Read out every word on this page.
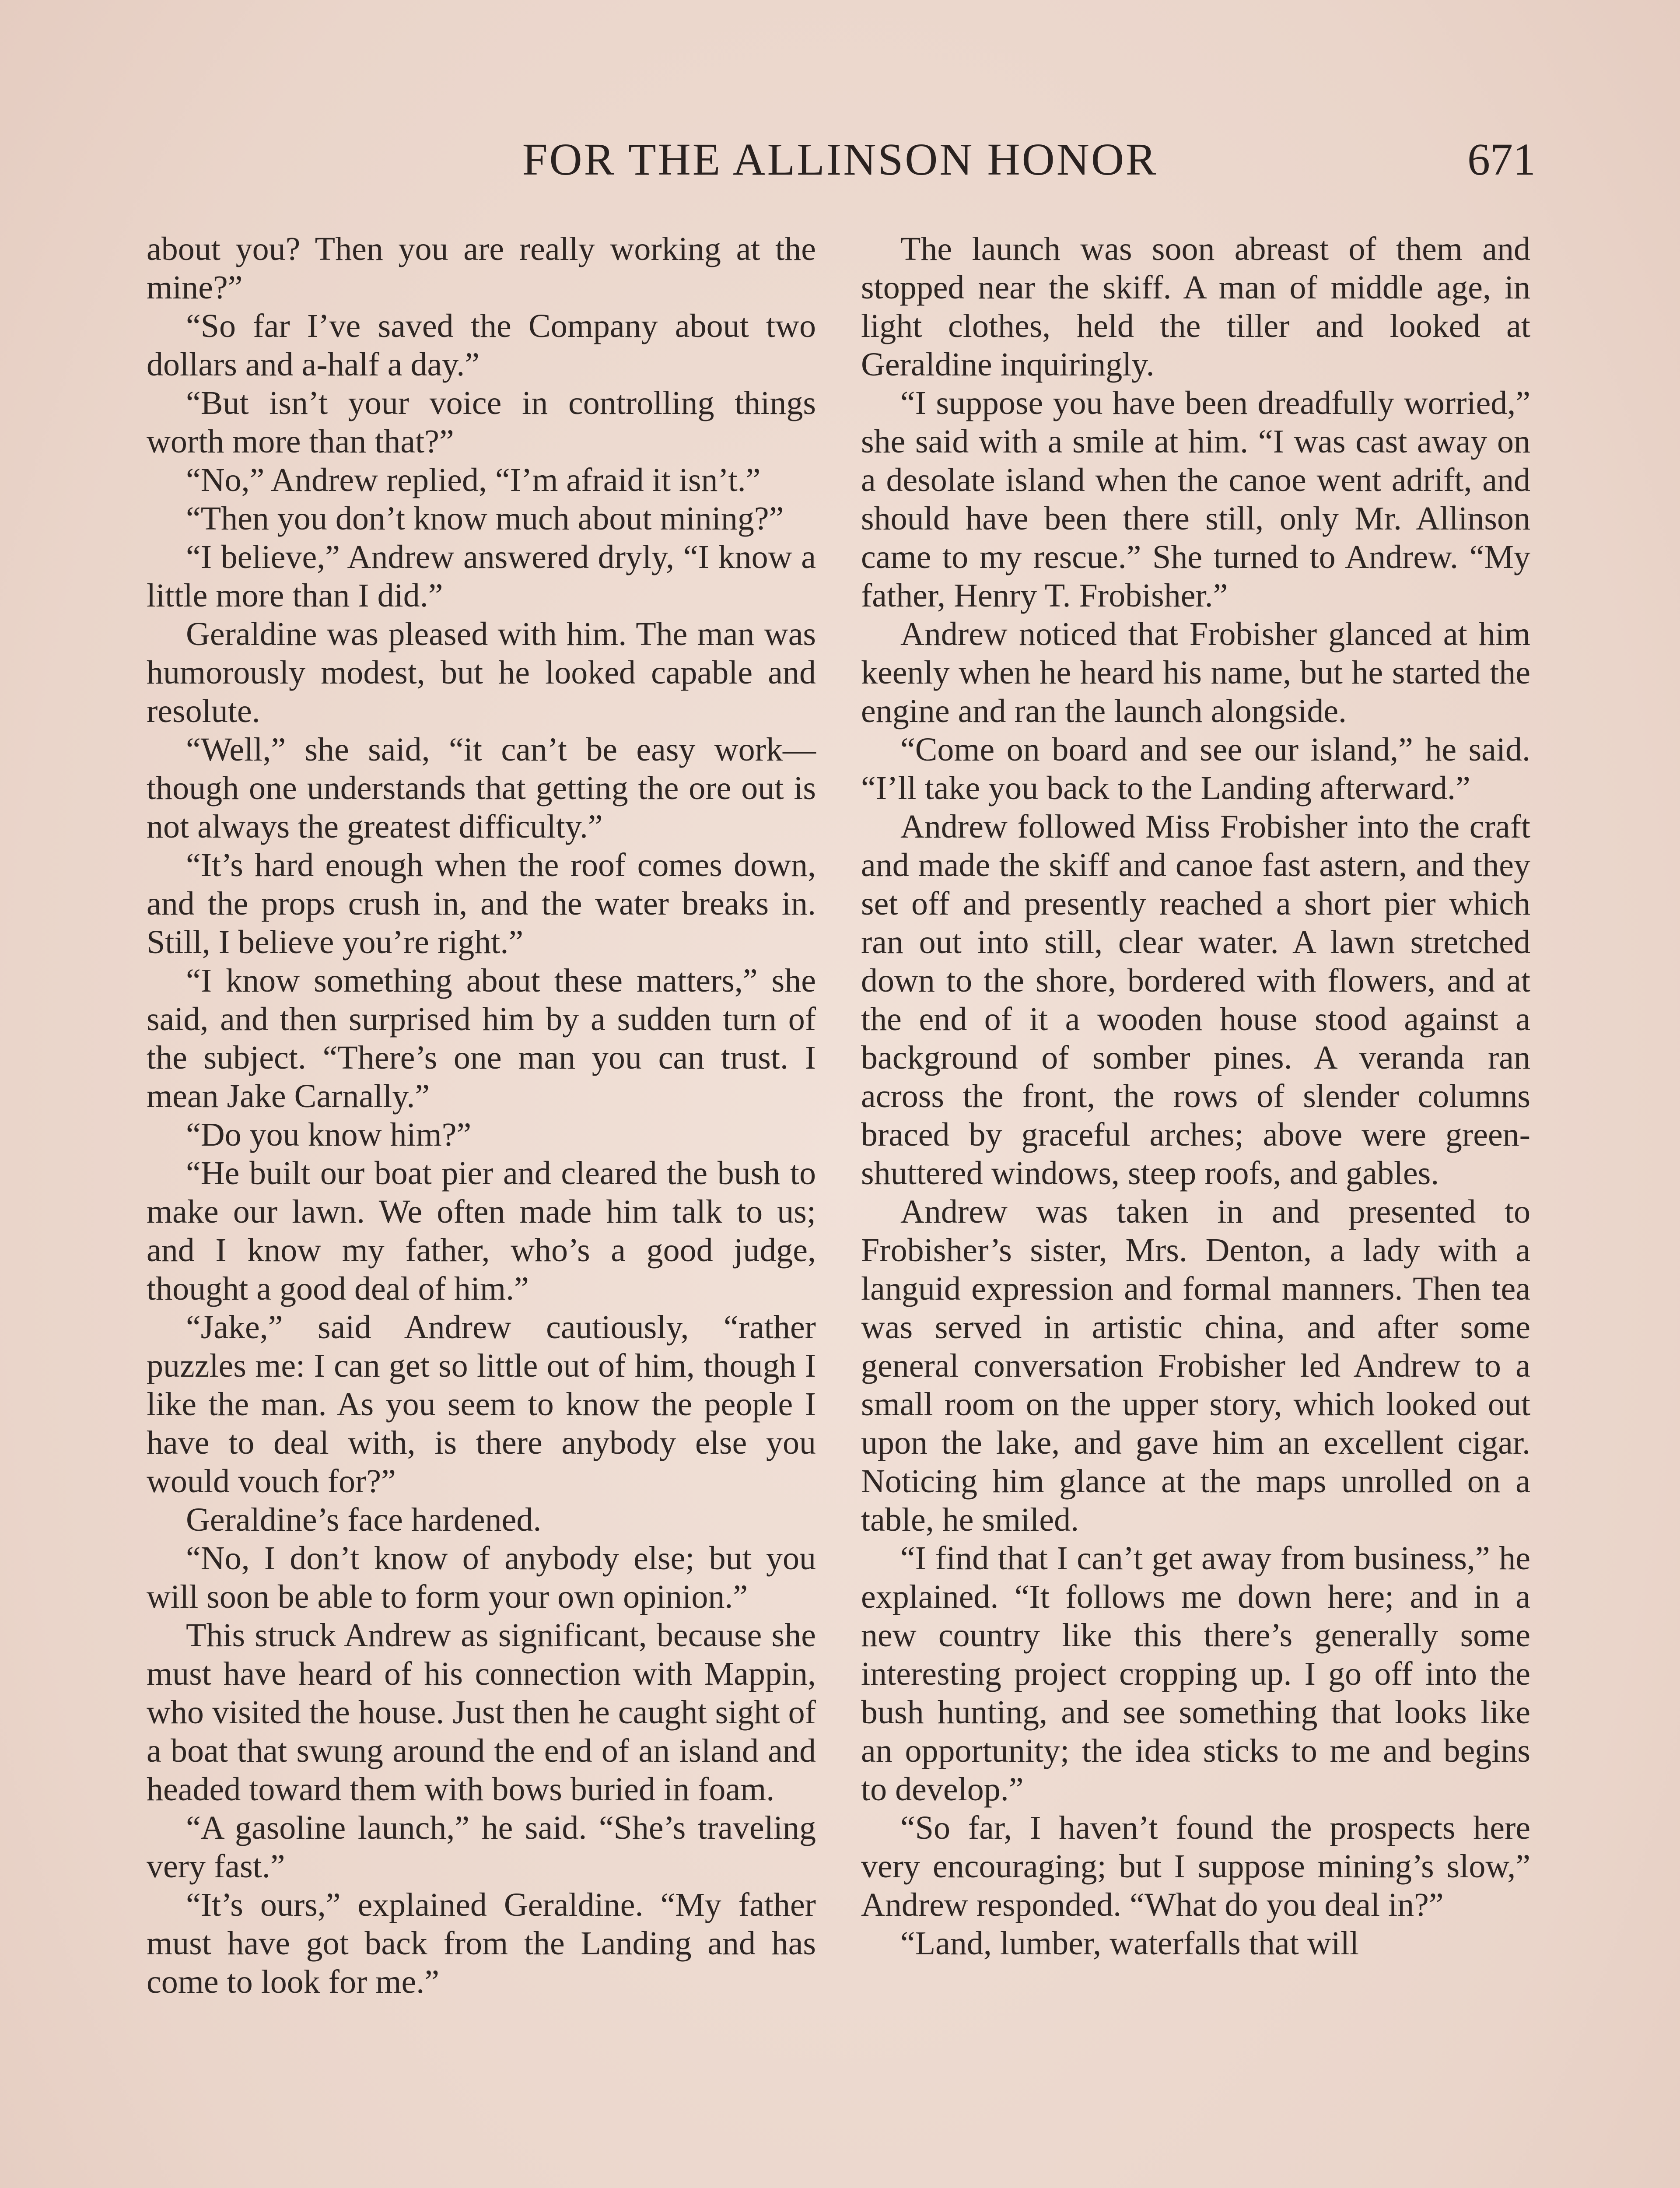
FOR THE ALLINSON HONOR	671

about you? Then you are really working at the mine?”

“So far I’ve saved the Company about two dollars and a-half a day.”

“But isn’t your voice in controlling things worth more than that?”

“No,” Andrew replied, “I’m afraid it isn’t.”

“Then you don’t know much about mining?”

“I believe,” Andrew answered dryly, “I know a little more than I did.”

Geraldine was pleased with him. The man was humorously modest, but he looked capable and resolute.

“Well,” she said, “it can’t be easy work—though one understands that getting the ore out is not always the greatest difficulty.”

“It’s hard enough when the roof comes down, and the props crush in, and the water breaks in. Still, I believe you’re right.”

“I know something about these matters,” she said, and then surprised him by a sudden turn of the subject. “There’s one man you can trust. I mean Jake Carnally.”

“Do you know him?”

“He built our boat pier and cleared the bush to make our lawn. We often made him talk to us; and I know my father, who’s a good judge, thought a good deal of him.”

“Jake,” said Andrew cautiously, “rather puzzles me: I can get so little out of him, though I like the man. As you seem to know the people I have to deal with, is there anybody else you would vouch for?”

Geraldine’s face hardened.

“No, I don’t know of anybody else; but you will soon be able to form your own opinion.”

This struck Andrew as significant, because she must have heard of his connection with Mappin, who visited the house. Just then he caught sight of a boat that swung around the end of an island and headed toward them with bows buried in foam.

“A gasoline launch,” he said. “She’s traveling very fast.”

“It’s ours,” explained Geraldine. “My father must have got back from the Landing and has come to look for me.”

The launch was soon abreast of them and stopped near the skiff. A man of middle age, in light clothes, held the tiller and looked at Geraldine inquiringly.

“I suppose you have been dreadfully worried,” she said with a smile at him. “I was cast away on a desolate island when the canoe went adrift, and should have been there still, only Mr. Allinson came to my rescue.” She turned to Andrew. “My father, Henry T. Frobisher.”

Andrew noticed that Frobisher glanced at him keenly when he heard his name, but he started the engine and ran the launch alongside.

“Come on board and see our island,” he said. “I’ll take you back to the Landing afterward.”

Andrew followed Miss Frobisher into the craft and made the skiff and canoe fast astern, and they set off and presently reached a short pier which ran out into still, clear water. A lawn stretched down to the shore, bordered with flowers, and at the end of it a wooden house stood against a background of somber pines. A veranda ran across the front, the rows of slender columns braced by graceful arches; above were green-shuttered windows, steep roofs, and gables.

Andrew was taken in and presented to Frobisher’s sister, Mrs. Denton, a lady with a languid expression and formal manners. Then tea was served in artistic china, and after some general conversation Frobisher led Andrew to a small room on the upper story, which looked out upon the lake, and gave him an excellent cigar. Noticing him glance at the maps unrolled on a table, he smiled.

“I find that I can’t get away from business,” he explained. “It follows me down here; and in a new country like this there’s generally some interesting project cropping up. I go off into the bush hunting, and see something that looks like an opportunity; the idea sticks to me and begins to develop.”

“So far, I haven’t found the prospects here very encouraging; but I suppose mining’s slow,” Andrew responded. “What do you deal in?”

“Land, lumber, waterfalls that will
